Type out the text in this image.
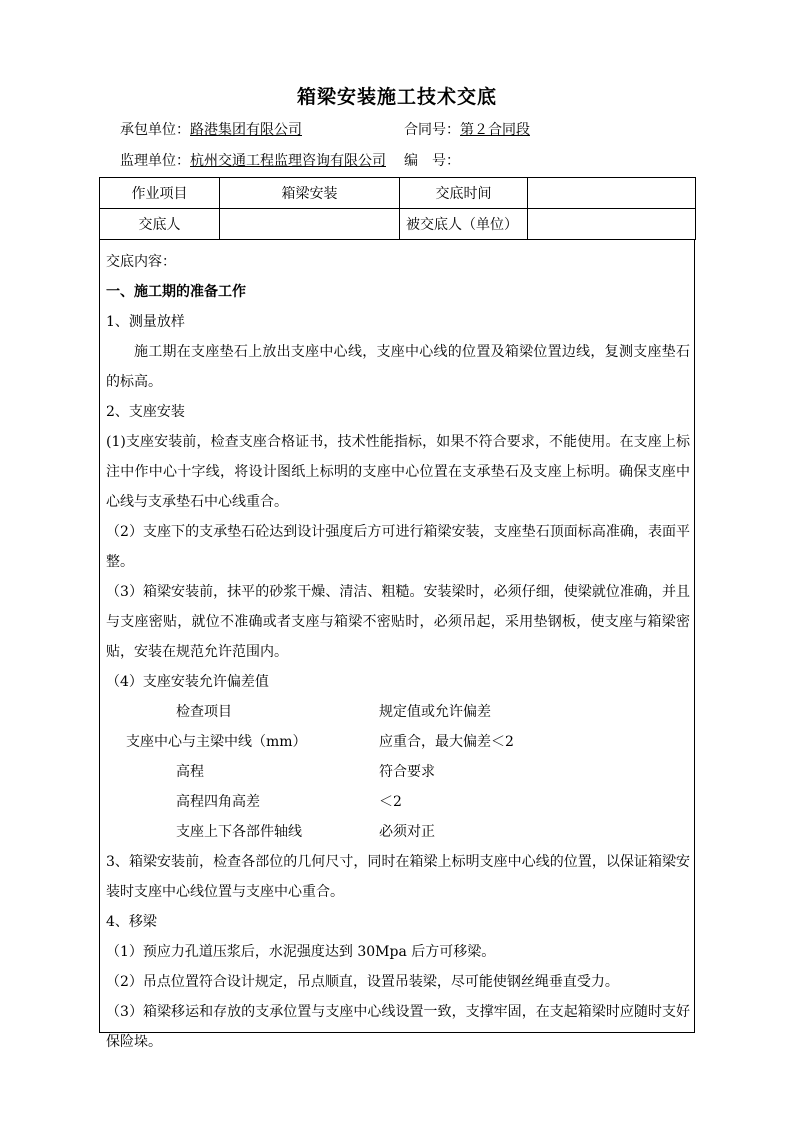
箱梁安装施工技术交底
承包单位：路港集团有限公司	合同号：第２合同段
监理单位：杭州交通工程监理咨询有限公司 编　号：
作业项目	箱梁安装	交底时间	
交底人		被交底人（单位）	

交底内容：

一、施工期的准备工作

1、测量放样

施工期在支座垫石上放出支座中心线，支座中心线的位置及箱梁位置边线，复测支座垫石的标高。

2、支座安装

(1)支座安装前，检查支座合格证书，技术性能指标，如果不符合要求，不能使用。在支座上标注中作中心十字线，将设计图纸上标明的支座中心位置在支承垫石及支座上标明。确保支座中心线与支承垫石中心线重合。

（2）支座下的支承垫石砼达到设计强度后方可进行箱梁安装，支座垫石顶面标高准确，表面平整。

（3）箱梁安装前，抹平的砂浆干燥、清洁、粗糙。安装梁时，必须仔细，使梁就位准确，并且与支座密贴，就位不准确或者支座与箱梁不密贴时，必须吊起，采用垫钢板，使支座与箱梁密贴，安装在规范允许范围内。

（4）支座安装允许偏差值

检查项目	规定值或允许偏差
支座中心与主梁中线（mm）	应重合，最大偏差＜2
高程	符合要求
高程四角高差	＜2
支座上下各部件轴线	必须对正

3、箱梁安装前，检查各部位的几何尺寸，同时在箱梁上标明支座中心线的位置，以保证箱梁安装时支座中心线位置与支座中心重合。

4、移梁

（1）预应力孔道压浆后，水泥强度达到 30Mpa 后方可移梁。

（2）吊点位置符合设计规定，吊点顺直，设置吊装梁，尽可能使钢丝绳垂直受力。

（3）箱梁移运和存放的支承位置与支座中心线设置一致，支撑牢固，在支起箱梁时应随时支好保险垛。
